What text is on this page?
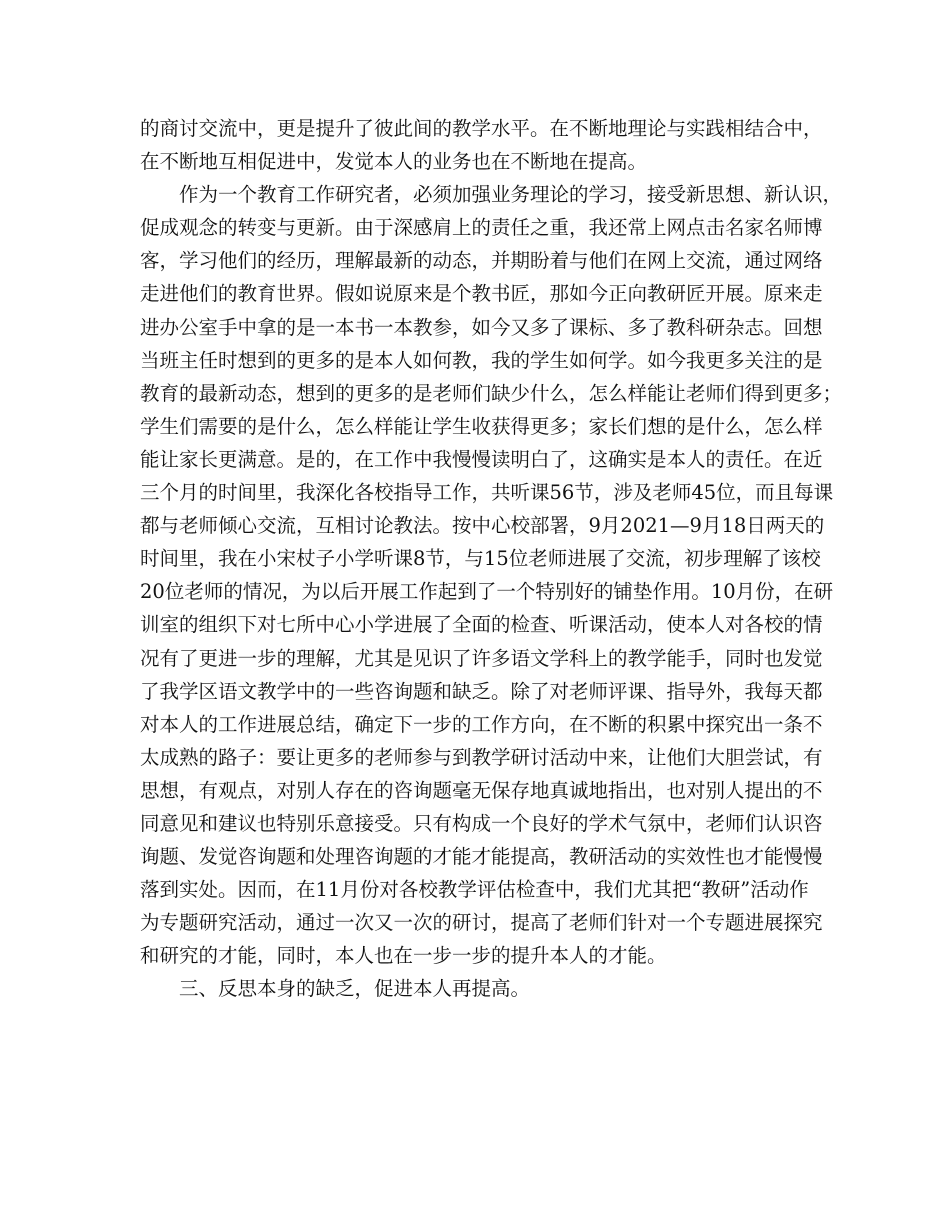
的商讨交流中，更是提升了彼此间的教学水平。在不断地理论与实践相结合中，
在不断地互相促进中，发觉本人的业务也在不断地在提高。
作为一个教育工作研究者，必须加强业务理论的学习，接受新思想、新认识，
促成观念的转变与更新。由于深感肩上的责任之重，我还常上网点击名家名师博
客，学习他们的经历，理解最新的动态，并期盼着与他们在网上交流，通过网络
走进他们的教育世界。假如说原来是个教书匠，那如今正向教研匠开展。原来走
进办公室手中拿的是一本书一本教参，如今又多了课标、多了教科研杂志。回想
当班主任时想到的更多的是本人如何教，我的学生如何学。如今我更多关注的是
教育的最新动态，想到的更多的是老师们缺少什么，怎么样能让老师们得到更多；
学生们需要的是什么，怎么样能让学生收获得更多；家长们想的是什么，怎么样
能让家长更满意。是的，在工作中我慢慢读明白了，这确实是本人的责任。在近
三个月的时间里，我深化各校指导工作，共听课56节，涉及老师45位，而且每课
都与老师倾心交流，互相讨论教法。按中心校部署，9月2021—9月18日两天的
时间里，我在小宋杖子小学听课8节，与15位老师进展了交流，初步理解了该校
20位老师的情况，为以后开展工作起到了一个特别好的铺垫作用。10月份，在研
训室的组织下对七所中心小学进展了全面的检查、听课活动，使本人对各校的情
况有了更进一步的理解，尤其是见识了许多语文学科上的教学能手，同时也发觉
了我学区语文教学中的一些咨询题和缺乏。除了对老师评课、指导外，我每天都
对本人的工作进展总结，确定下一步的工作方向，在不断的积累中探究出一条不
太成熟的路子：要让更多的老师参与到教学研讨活动中来，让他们大胆尝试，有
思想，有观点，对别人存在的咨询题毫无保存地真诚地指出，也对别人提出的不
同意见和建议也特别乐意接受。只有构成一个良好的学术气氛中，老师们认识咨
询题、发觉咨询题和处理咨询题的才能才能提高，教研活动的实效性也才能慢慢
落到实处。因而，在11月份对各校教学评估检查中，我们尤其把“教研”活动作
为专题研究活动，通过一次又一次的研讨，提高了老师们针对一个专题进展探究
和研究的才能，同时，本人也在一步一步的提升本人的才能。
三、反思本身的缺乏，促进本人再提高。
